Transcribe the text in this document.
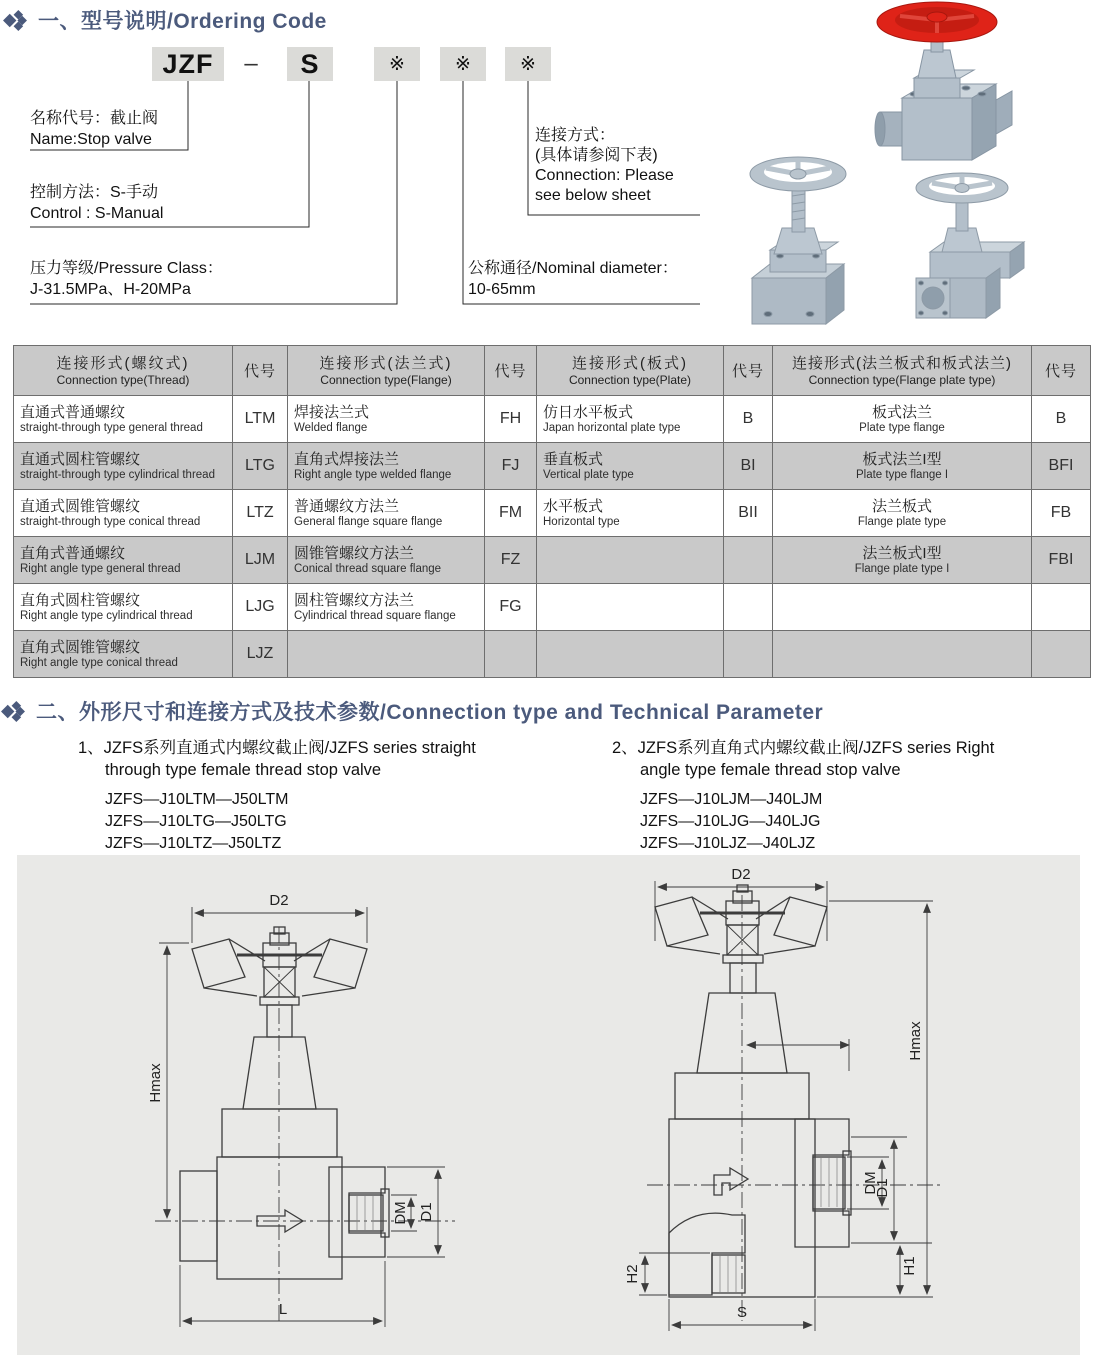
一、型号说明/Ordering Code
JZF	–	S	※	※	※
名称代号：截止阀
Name:Stop valve
控制方法：S-手动
Control : S-Manual
压力等级/Pressure Class：
J-31.5MPa、H-20MPa
连接方式：
(具体请参阅下表)
Connection: Please
see below sheet
公称通径/Nominal diameter：
10-65mm
连接形式(螺纹式)
Connection type(Thread)	代号	连接形式(法兰式)
Connection type(Flange)	代号	连接形式(板式)
Connection type(Plate)	代号	连接形式(法兰板式和板式法兰)
Connection type(Flange plate type)	代号

直通式普通螺纹
straight-through type general thread
	LTM	焊接法兰式
Welded flange
	FH	仿日水平板式
Japan horizontal plate type
	B	板式法兰
Plate type flange
	B

直通式圆柱管螺纹
straight-through type cylindrical thread
	LTG	直角式焊接法兰
Right angle type welded flange
	FJ	垂直板式
Vertical plate type
	BI	板式法兰I型
Plate type flange I
	BFI

直通式圆锥管螺纹
straight-through type conical thread
	LTZ	普通螺纹方法兰
General flange square flange
	FM	水平板式
Horizontal type
	BII	法兰板式
Flange plate type
	FB

直角式普通螺纹
Right angle type general thread
	LJM	圆锥管螺纹方法兰
Conical thread square flange
	FZ			法兰板式I型
Flange plate type I
	FBI

直角式圆柱管螺纹
Right angle type cylindrical thread
	LJG	圆柱管螺纹方法兰
Cylindrical thread square flange
	FG				

直角式圆锥管螺纹
Right angle type conical thread	LJZ						
二、外形尺寸和连接方式及技术参数/Connection type and Technical Parameter
1、JZFS系列直通式内螺纹截止阀/JZFS series straight
through type female thread stop valve
JZFS—J10LTM—J50LTM
JZFS—J10LTG—J50LTG
JZFS—J10LTZ—J50LTZ
2、JZFS系列直角式内螺纹截止阀/JZFS series Right
angle type female thread stop valve
JZFS—J10LJM—J40LJM
JZFS—J10LJG—J40LJG
JZFS—J10LJZ—J40LJZ
D2
DM D1
L
Hmax
D2
DM
D1
H1
Hmax
H2
S
